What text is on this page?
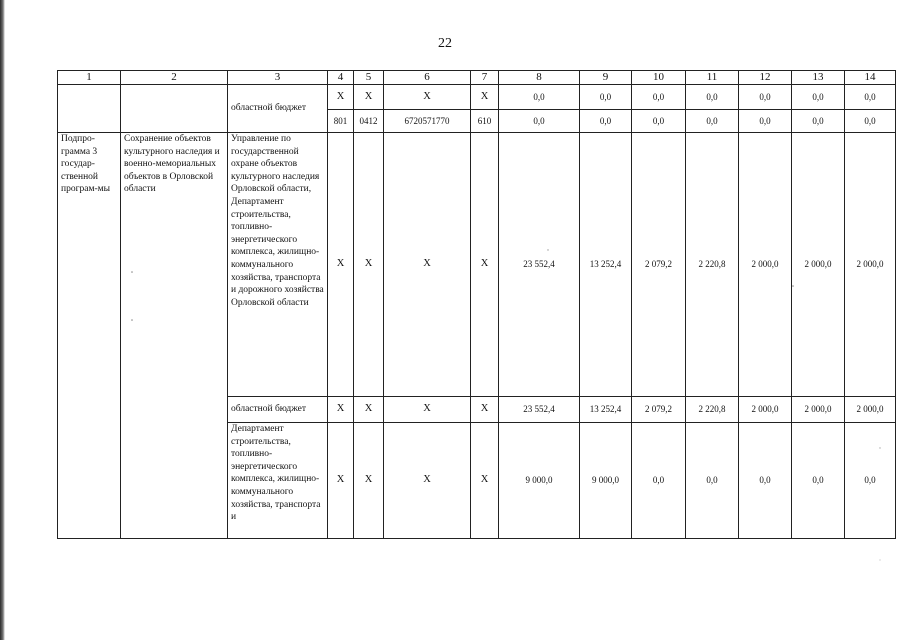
22
1	2	3	4	5	6	7	8	9	10	11	12	13	14
		областной бюджет	Х	Х	Х	Х	0,0	0,0	0,0	0,0	0,0	0,0	0,0
			801	0412	6720571770	610	0,0	0,0	0,0	0,0	0,0	0,0	0,0
Подпро-грамма 3 государ-ственной програм-мы	Сохранение объектов культурного наследия и военно-мемориальных объектов в Орловской области	Управление по государственной охране объектов культурного наследия Орловской области, Департамент строительства, топливно-энергетического комплекса, жилищно-коммунального хозяйства, транспорта и дорожного хозяйства Орловской области	Х	Х	Х	Х	23 552,4	13 252,4	2 079,2	2 220,8	2 000,0	2 000,0	2 000,0
		областной бюджет	Х	Х	Х	Х	23 552,4	13 252,4	2 079,2	2 220,8	2 000,0	2 000,0	2 000,0
		Департамент строительства, топливно-энергетического комплекса, жилищно-коммунального хозяйства, транспорта и	Х	Х	Х	Х	9 000,0	9 000,0	0,0	0,0	0,0	0,0	0,0
